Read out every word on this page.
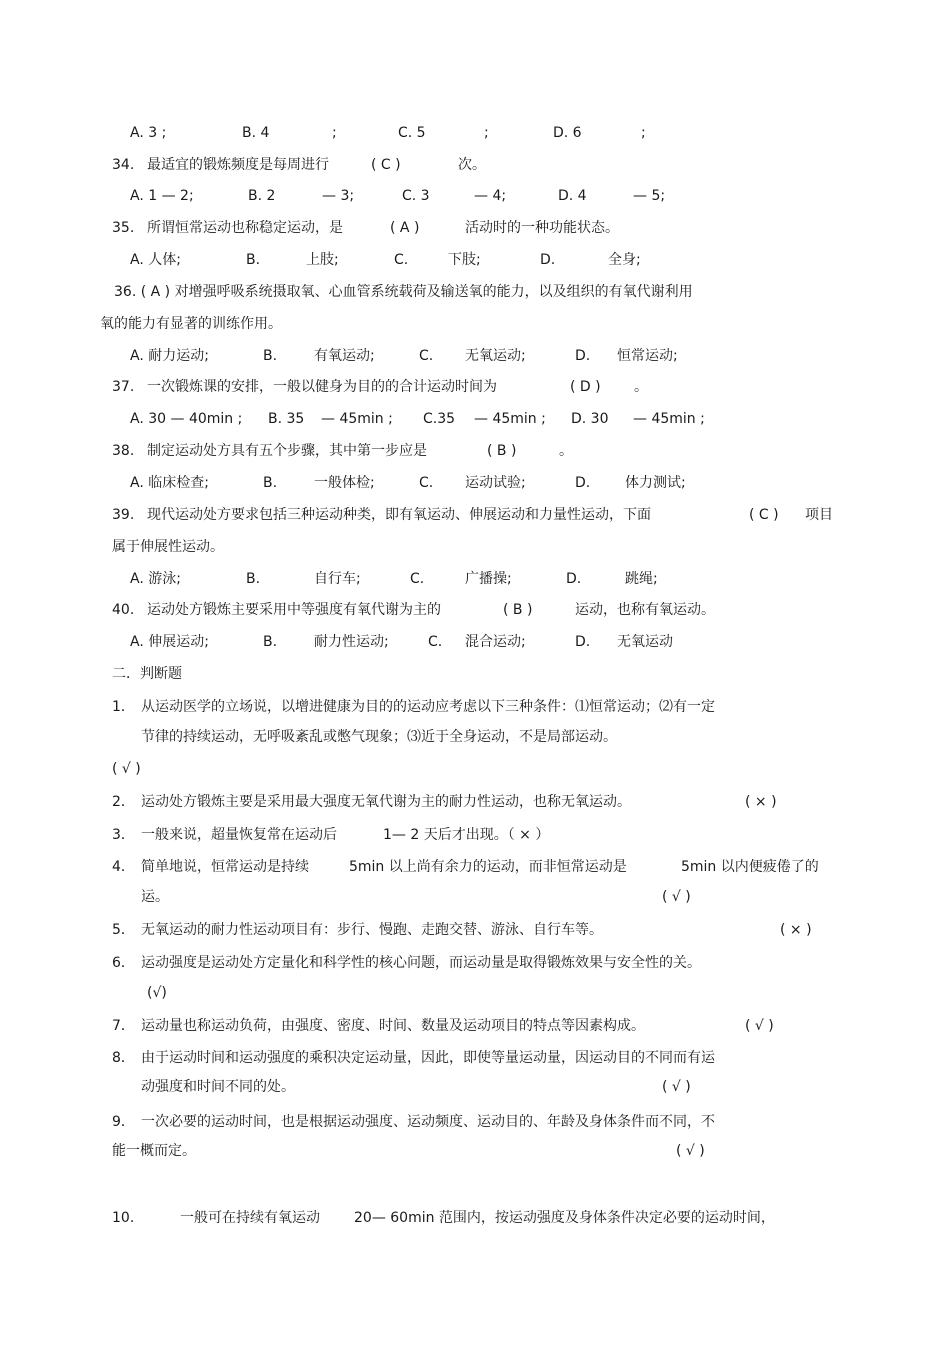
A. 3 ;	B. 4	;	C. 5	;	D. 6	;
34. 最适宜的锻炼频度是每周进行	( C )	次。
A. 1 — 2;	B. 2	— 3;	C. 3	— 4;	D. 4	— 5;
35. 所谓恒常运动也称稳定运动，是	( A )	活动时的一种功能状态。
A. 人体;	B.	上肢;	C.	下肢;	D.	全身;
36. ( A ) 对增强呼吸系统摄取氧、心血管系统载荷及输送氧的能力，以及组织的有氧代谢利用
氧的能力有显著的训练作用。
A. 耐力运动;	B.	有氧运动;	C. 无氧运动;	D. 恒常运动;
37. 一次锻炼课的安排，一般以健身为目的的合计运动时间为	( D ) 。
A. 30 — 40min ; B. 35 — 45min ; C.35 — 45min ; D. 30 — 45min ;
38. 制定运动处方具有五个步骤，其中第一步应是	( B )	。
A. 临床检查;	B.	一般体检;	C. 运动试验;	D. 体力测试;
39. 现代运动处方要求包括三种运动种类，即有氧运动、伸展运动和力量性运动，下面	( C ) 项目
属于伸展性运动。
A. 游泳;	B.	自行车;	C.	广播操;	D.	跳绳;
40. 运动处方锻炼主要采用中等强度有氧代谢为主的	( B )	运动，也称有氧运动。
A. 伸展运动;	B.	耐力性运动;	C. 混合运动;	D. 无氧运动
二．判断题
1． 从运动医学的立场说，以增进健康为目的的运动应考虑以下三种条件：⑴恒常运动；⑵有一定
节律的持续运动，无呼吸紊乱或憋气现象；⑶近于全身运动，不是局部运动。
( √ )
2． 运动处方锻炼主要是采用最大强度无氧代谢为主的耐力性运动，也称无氧运动。	( × )
3． 一般来说，超量恢复常在运动后	1— 2 天后才出现。（ × ）
4． 简单地说，恒常运动是持续	5min 以上尚有余力的运动，而非恒常运动是	5min 以内便疲倦了的
运。	( √ )
5． 无氧运动的耐力性运动项目有：步行、慢跑、走跑交替、游泳、自行车等。	( × )
6． 运动强度是运动处方定量化和科学性的核心问题，而运动量是取得锻炼效果与安全性的关。
(√)
7． 运动量也称运动负荷，由强度、密度、时间、数量及运动项目的特点等因素构成。	( √ )
8． 由于运动时间和运动强度的乘积决定运动量，因此，即使等量运动量，因运动目的不同而有运
动强度和时间不同的处。	( √ )
9． 一次必要的运动时间，也是根据运动强度、运动频度、运动目的、年龄及身体条件而不同，不
能一概而定。	( √ )
10.	一般可在持续有氧运动 20— 60min 范围内，按运动强度及身体条件决定必要的运动时间，
